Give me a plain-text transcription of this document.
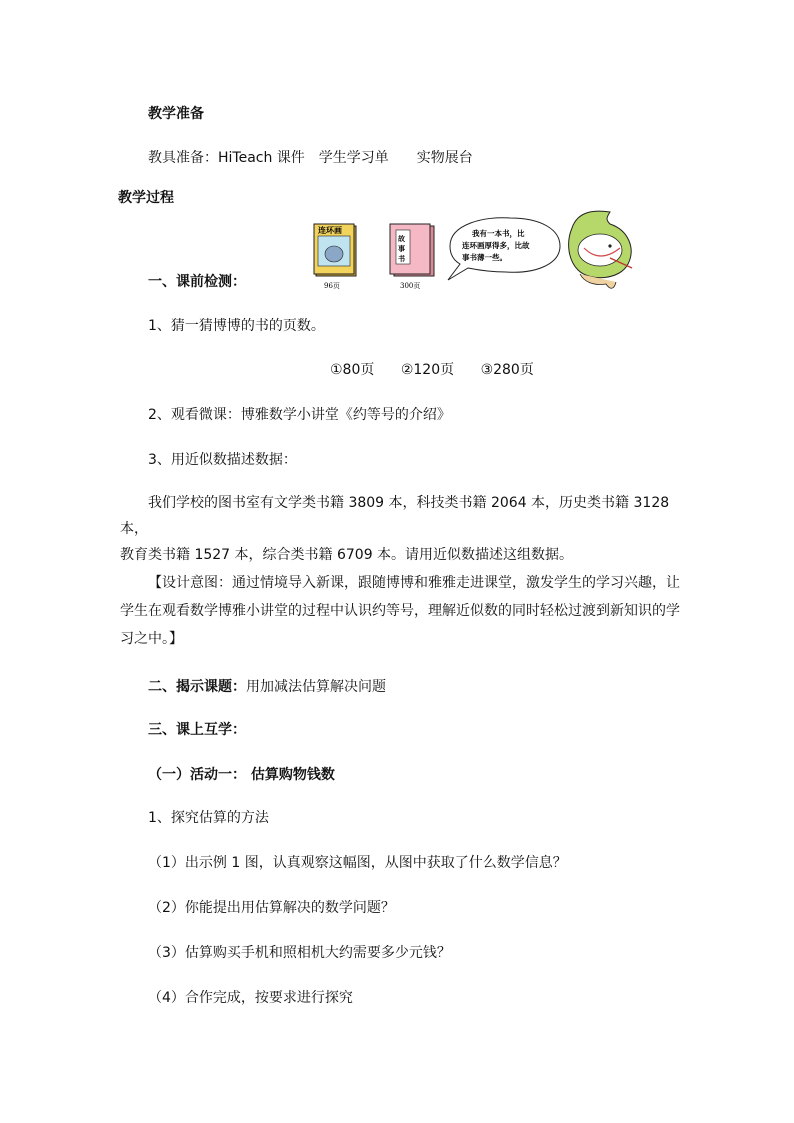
教学准备
教具准备：HiTeach 课件　学生学习单　　实物展台
教学过程
连环画
96页
故
事
书
故事书
300页
我有一本书，比
连环画厚得多，比故
事书薄一些。
一、课前检测：
1、猜一猜博博的书的页数。
①80页 ②120页 ③280页
2、观看微课：博雅数学小讲堂《约等号的介绍》
3、用近似数描述数据：
我们学校的图书室有文学类书籍 3809 本，科技类书籍 2064 本，历史类书籍 3128 本，
教育类书籍 1527 本，综合类书籍 6709 本。请用近似数描述这组数据。
【设计意图：通过情境导入新课，跟随博博和雅雅走进课堂，激发学生的学习兴趣，让
学生在观看数学博雅小讲堂的过程中认识约等号，理解近似数的同时轻松过渡到新知识的学
习之中。】
二、揭示课题：用加减法估算解决问题
三、课上互学：
（一）活动一： 估算购物钱数
1、探究估算的方法
（1）出示例 1 图，认真观察这幅图，从图中获取了什么数学信息？
（2）你能提出用估算解决的数学问题？
（3）估算购买手机和照相机大约需要多少元钱？
（4）合作完成，按要求进行探究
